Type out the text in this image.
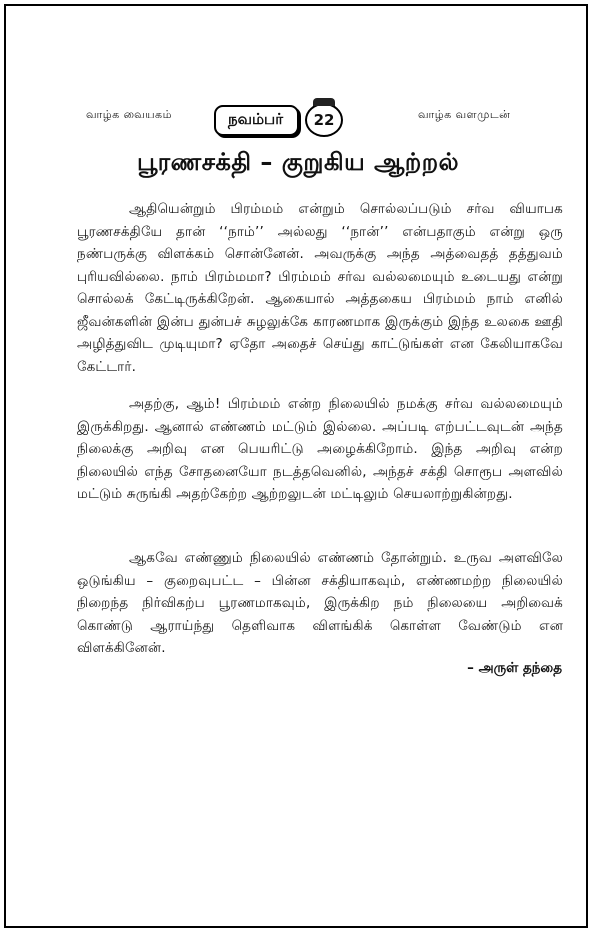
வாழ்க வையகம்	நவம்பர்	22	வாழ்க வளமுடன்
பூரணசக்தி – குறுகிய ஆற்றல்

ஆதியென்றும் பிரம்மம் என்றும் சொல்லப்படும் சர்வ வியாபக பூரணசக்தியே தான் ‘‘நாம்’’ அல்லது ‘‘நான்’’ என்பதாகும் என்று ஒரு நண்பருக்கு விளக்கம் சொன்னேன். அவருக்கு அந்த அத்வைதத் தத்துவம் புரியவில்லை. நாம் பிரம்மமா? பிரம்மம் சர்வ வல்லமையும் உடையது என்று சொல்லக் கேட்டிருக்கிறேன். ஆகையால் அத்தகைய பிரம்மம் நாம் எனில் ஜீவன்களின் இன்ப துன்பச் சுழலுக்கே காரணமாக இருக்கும் இந்த உலகை ஊதி அழித்துவிட முடியுமா? ஏதோ அதைச் செய்து காட்டுங்கள் என கேலியாகவே கேட்டார்.

அதற்கு, ஆம்! பிரம்மம் என்ற நிலையில் நமக்கு சர்வ வல்லமையும் இருக்கிறது. ஆனால் எண்ணம் மட்டும் இல்லை. அப்படி எற்பட்டவுடன் அந்த நிலைக்கு அறிவு என பெயரிட்டு அழைக்கிறோம். இந்த அறிவு என்ற நிலையில் எந்த சோதனையோ நடத்தவெனில், அந்தச் சக்தி சொரூப அளவில் மட்டும் சுருங்கி அதற்கேற்ற ஆற்றலுடன் மட்டிலும் செயலாற்றுகின்றது.

ஆகவே எண்ணும் நிலையில் எண்ணம் தோன்றும். உருவ அளவிலே ஒடுங்கிய – குறைவுபட்ட – பின்ன சக்தியாகவும், எண்ணமற்ற நிலையில் நிறைந்த நிர்விகற்ப பூரணமாகவும், இருக்கிற நம் நிலையை அறிவைக் கொண்டு ஆராய்ந்து தெளிவாக விளங்கிக் கொள்ள வேண்டும் என விளக்கினேன்.

– அருள் தந்தை
